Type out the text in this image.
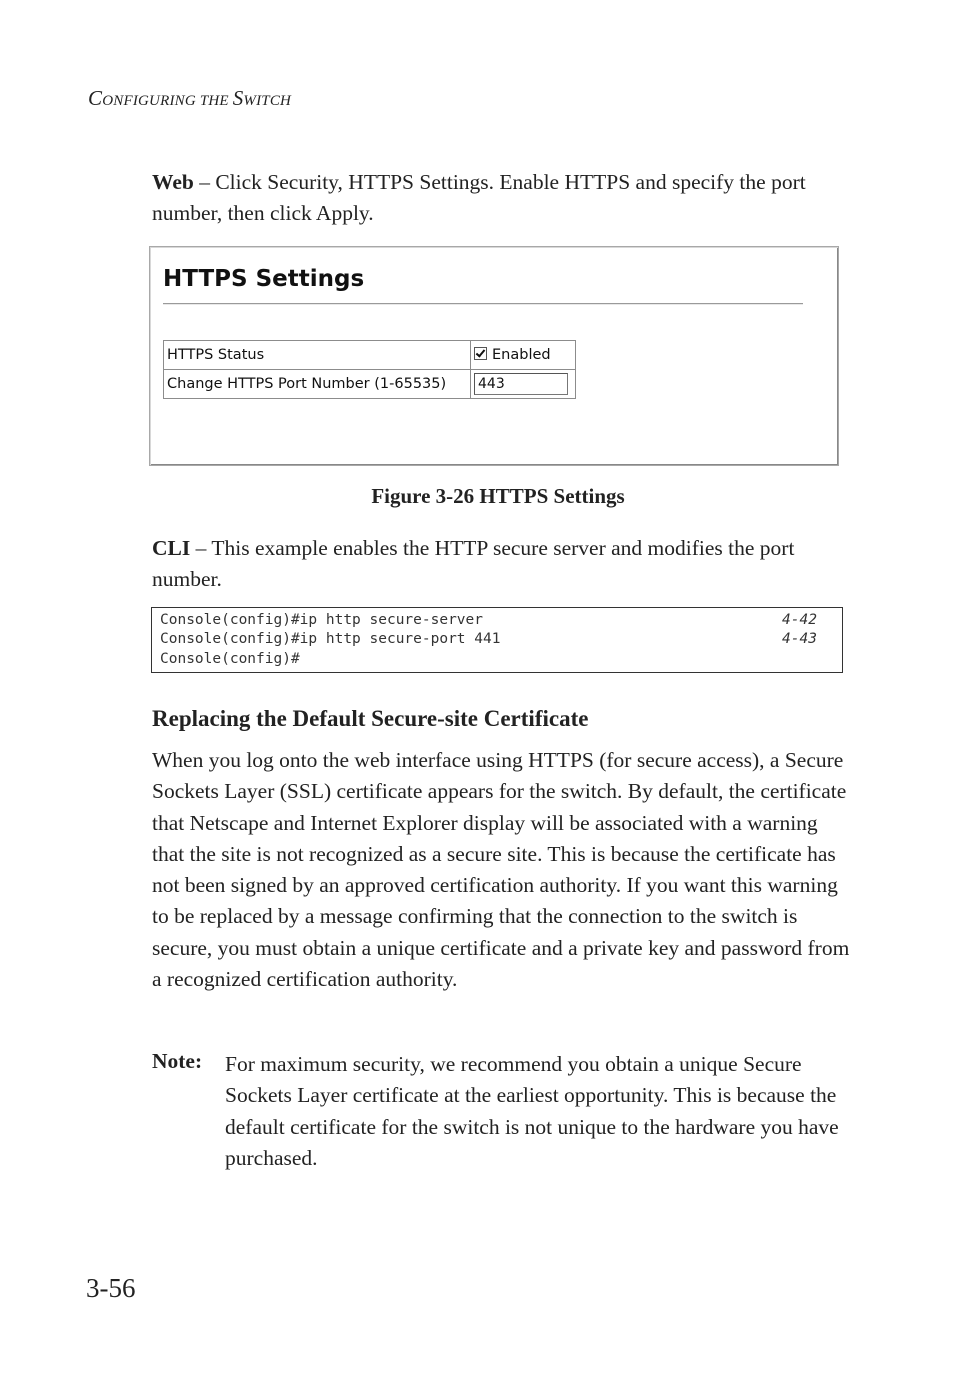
CONFIGURING THE SWITCH
Web – Click Security, HTTPS Settings. Enable HTTPS and specify the port number, then click Apply.
HTTPS Settings
HTTPS Status	Enabled
Change HTTPS Port Number (1-65535)	443
Figure 3-26 HTTPS Settings
CLI – This example enables the HTTP secure server and modifies the port number.
Console(config)#ip http secure-server	4-42
Console(config)#ip http secure-port 441	4-43
Console(config)#
Replacing the Default Secure-site Certificate
When you log onto the web interface using HTTPS (for secure access), a Secure Sockets Layer (SSL) certificate appears for the switch. By default, the certificate that Netscape and Internet Explorer display will be associated with a warning that the site is not recognized as a secure site. This is because the certificate has not been signed by an approved certification authority. If you want this warning to be replaced by a message confirming that the connection to the switch is secure, you must obtain a unique certificate and a private key and password from a recognized certification authority.
Note: For maximum security, we recommend you obtain a unique Secure Sockets Layer certificate at the earliest opportunity. This is because the default certificate for the switch is not unique to the hardware you have purchased.
3-56
